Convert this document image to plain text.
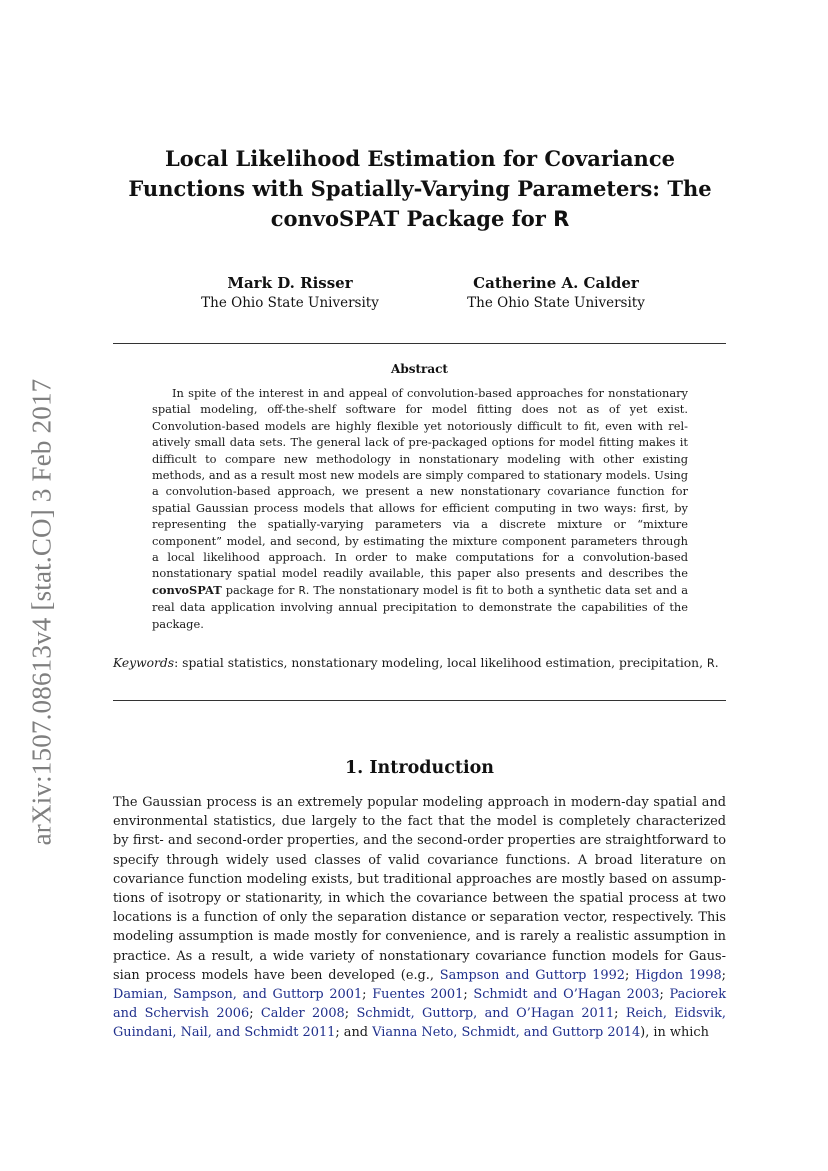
arXiv:1507.08613v4 [stat.CO] 3 Feb 2017
Local Likelihood Estimation for Covariance
Functions with Spatially-Varying Parameters: The
convoSPAT Package for R
Mark D. Risser
The Ohio State University
Catherine A. Calder
The Ohio State University
Abstract

In spite of the interest in and appeal of convolution-based approaches for nonstationary spatial modeling, off-the-shelf software for model fitting does not as of yet exist. Convolution-based models are highly flexible yet notoriously difficult to fit, even with relatively small data sets. The general lack of pre-packaged options for model fitting makes it difficult to compare new methodology in nonstationary modeling with other existing methods, and as a result most new models are simply compared to stationary models. Using a convolution-based approach, we present a new nonstationary covariance function for spatial Gaussian process models that allows for efficient computing in two ways: first, by representing the spatially-varying parameters via a discrete mixture or “mixture component” model, and second, by estimating the mixture component parameters through a local likelihood approach. In order to make computations for a convolution-based nonstationary spatial model readily available, this paper also presents and describes the convoSPAT package for R. The nonstationary model is fit to both a synthetic data set and a real data application involving annual precipitation to demonstrate the capabilities of the package.

Keywords: spatial statistics, nonstationary modeling, local likelihood estimation, precipitation, R.

1. Introduction

The Gaussian process is an extremely popular modeling approach in modern-day spatial and environmental statistics, due largely to the fact that the model is completely characterized by first- and second-order properties, and the second-order properties are straightforward to specify through widely used classes of valid covariance functions. A broad literature on covariance function modeling exists, but traditional approaches are mostly based on assumptions of isotropy or stationarity, in which the covariance between the spatial process at two locations is a function of only the separation distance or separation vector, respectively. This modeling assumption is made mostly for convenience, and is rarely a realistic assumption in practice. As a result, a wide variety of nonstationary covariance function models for Gaussian process models have been developed (e.g., Sampson and Guttorp 1992; Higdon 1998; Damian, Sampson, and Guttorp 2001; Fuentes 2001; Schmidt and O’Hagan 2003; Paciorek and Schervish 2006; Calder 2008; Schmidt, Guttorp, and O’Hagan 2011; Reich, Eidsvik, Guindani, Nail, and Schmidt 2011; and Vianna Neto, Schmidt, and Guttorp 2014), in which
